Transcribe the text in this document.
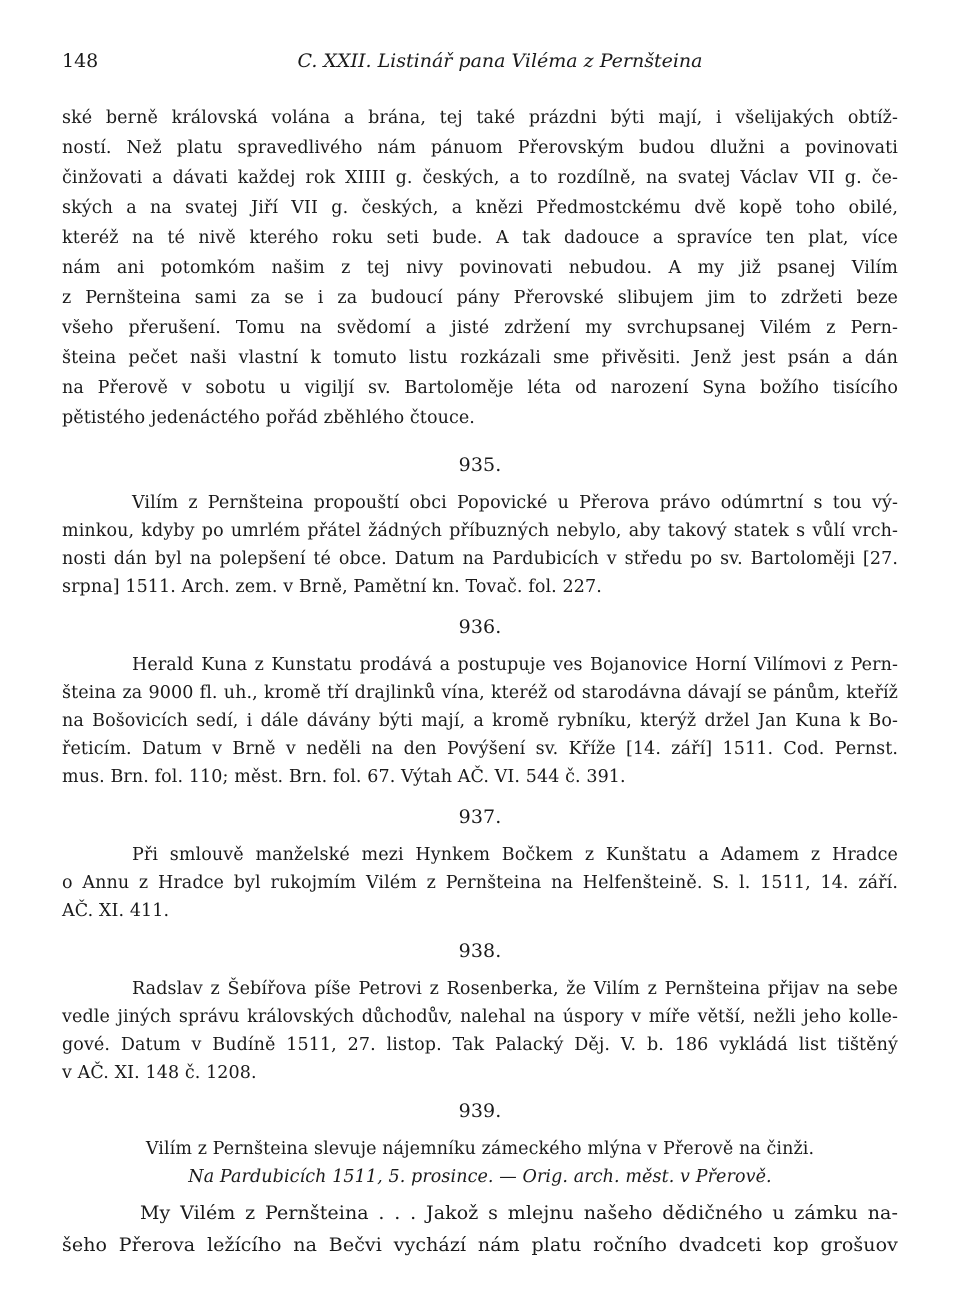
148	C. XXII. Listinář pana Viléma z Pernšteina
ské berně královská volána a brána, tej také prázdni býti mají, i všelijakých obtíž-
ností. Než platu spravedlivého nám pánuom Přerovským budou dlužni a povinovati
činžovati a dávati každej rok XIIII g. českých, a to rozdílně, na svatej Václav VII g. če-
ských a na svatej Jiří VII g. českých, a knězi Předmostckému dvě kopě toho obilé,
kteréž na té nivě kterého roku seti bude. A tak dadouce a spravíce ten plat, více
nám ani potomkóm našim z tej nivy povinovati nebudou. A my již psanej Vilím
z Pernšteina sami za se i za budoucí pány Přerovské slibujem jim to zdržeti beze
všeho přerušení. Tomu na svědomí a jisté zdržení my svrchupsanej Vilém z Pern-
šteina pečet naši vlastní k tomuto listu rozkázali sme přivěsiti. Jenž jest psán a dán
na Přerově v sobotu u vigiljí sv. Bartoloměje léta od narození Syna božího tisícího
pětistého jedenáctého pořád zběhlého čtouce.
935.
Vilím z Pernšteina propouští obci Popovické u Přerova právo odúmrtní s tou vý-
minkou, kdyby po umrlém přátel žádných příbuzných nebylo, aby takový statek s vůlí vrch-
nosti dán byl na polepšení té obce. Datum na Pardubicích v středu po sv. Bartoloměji [27.
srpna] 1511. Arch. zem. v Brně, Pamětní kn. Tovač. fol. 227.
936.
Herald Kuna z Kunstatu prodává a postupuje ves Bojanovice Horní Vilímovi z Pern-
šteina za 9000 fl. uh., kromě tří drajlinků vína, kteréž od starodávna dávají se pánům, kteříž
na Bošovicích sedí, i dále dávány býti mají, a kromě rybníku, kterýž držel Jan Kuna k Bo-
řeticím. Datum v Brně v neděli na den Povýšení sv. Kříže [14. září] 1511. Cod. Pernst.
mus. Brn. fol. 110; měst. Brn. fol. 67. Výtah AČ. VI. 544 č. 391.
937.
Při smlouvě manželské mezi Hynkem Bočkem z Kunštatu a Adamem z Hradce
o Annu z Hradce byl rukojmím Vilém z Pernšteina na Helfenšteině. S. l. 1511, 14. září.
AČ. XI. 411.
938.
Radslav z Šebířova píše Petrovi z Rosenberka, že Vilím z Pernšteina přijav na sebe
vedle jiných správu královských důchodův, nalehal na úspory v míře větší, nežli jeho kolle-
gové. Datum v Budíně 1511, 27. listop. Tak Palacký Děj. V. b. 186 vykládá list tištěný
v AČ. XI. 148 č. 1208.
939.
Vilím z Pernšteina slevuje nájemníku zámeckého mlýna v Přerově na činži.
Na Pardubicích 1511, 5. prosince. — Orig. arch. měst. v Přerově.
My Vilém z Pernšteina . . . Jakož s mlejnu našeho dědičného u zámku na-
šeho Přerova ležícího na Bečvi vychází nám platu ročního dvadceti kop grošuov
